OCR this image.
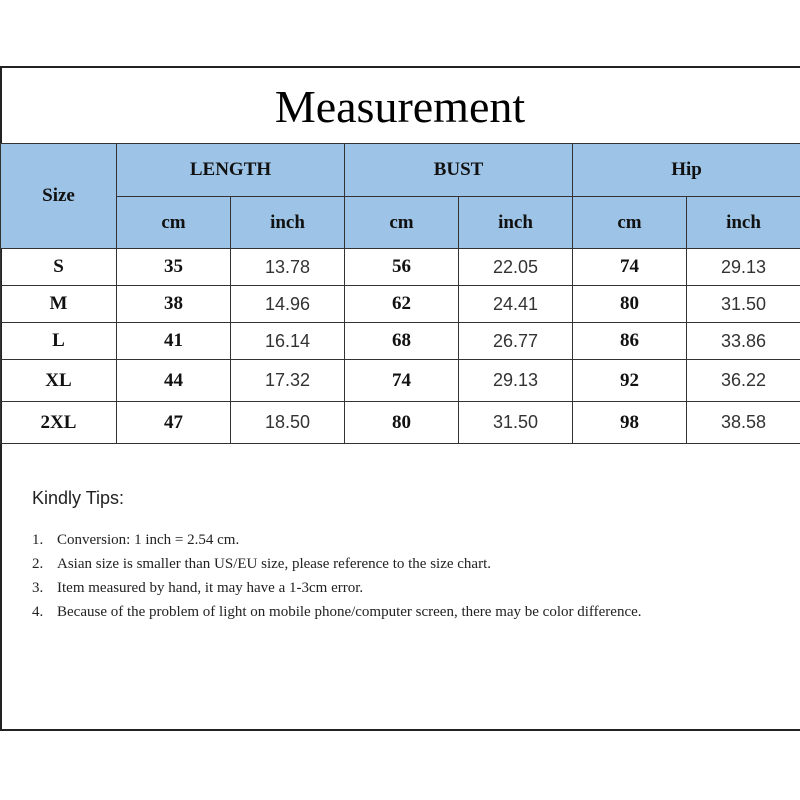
Measurement
Size	LENGTH		BUST		Hip	
	cm	inch	cm	inch	cm	inch
S	35	13.78	56	22.05	74	29.13
M	38	14.96	62	24.41	80	31.50
L	41	16.14	68	26.77	86	33.86
XL	44	17.32	74	29.13	92	36.22
2XL	47	18.50	80	31.50	98	38.58
Kindly Tips:
1. Conversion: 1 inch = 2.54 cm.
2. Asian size is smaller than US/EU size, please reference to the size chart.
3. Item measured by hand, it may have a 1-3cm error.
4. Because of the problem of light on mobile phone/computer screen, there may be color difference.
